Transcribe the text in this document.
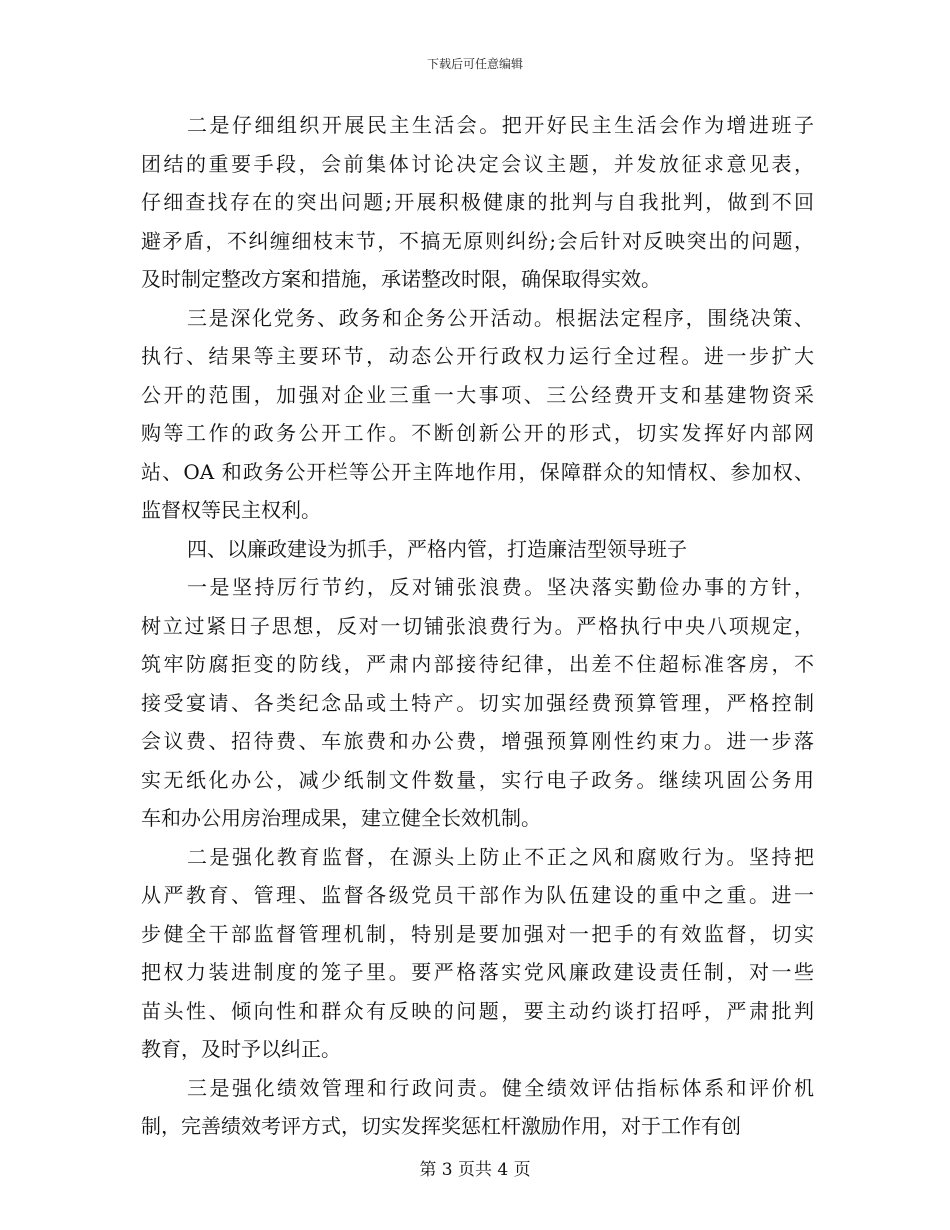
下载后可任意编辑
二是仔细组织开展民主生活会。把开好民主生活会作为增进班子
团结的重要手段，会前集体讨论决定会议主题，并发放征求意见表，
仔细查找存在的突出问题;开展积极健康的批判与自我批判，做到不回
避矛盾，不纠缠细枝末节，不搞无原则纠纷;会后针对反映突出的问题，
及时制定整改方案和措施，承诺整改时限，确保取得实效。
三是深化党务、政务和企务公开活动。根据法定程序，围绕决策、
执行、结果等主要环节，动态公开行政权力运行全过程。进一步扩大
公开的范围，加强对企业三重一大事项、三公经费开支和基建物资采
购等工作的政务公开工作。不断创新公开的形式，切实发挥好内部网
站、OA 和政务公开栏等公开主阵地作用，保障群众的知情权、参加权、
监督权等民主权利。
四、以廉政建设为抓手，严格内管，打造廉洁型领导班子
一是坚持厉行节约，反对铺张浪费。坚决落实勤俭办事的方针，
树立过紧日子思想，反对一切铺张浪费行为。严格执行中央八项规定，
筑牢防腐拒变的防线，严肃内部接待纪律，出差不住超标准客房，不
接受宴请、各类纪念品或土特产。切实加强经费预算管理，严格控制
会议费、招待费、车旅费和办公费，增强预算刚性约束力。进一步落
实无纸化办公，减少纸制文件数量，实行电子政务。继续巩固公务用
车和办公用房治理成果，建立健全长效机制。
二是强化教育监督，在源头上防止不正之风和腐败行为。坚持把
从严教育、管理、监督各级党员干部作为队伍建设的重中之重。进一
步健全干部监督管理机制，特别是要加强对一把手的有效监督，切实
把权力装进制度的笼子里。要严格落实党风廉政建设责任制，对一些
苗头性、倾向性和群众有反映的问题，要主动约谈打招呼，严肃批判
教育，及时予以纠正。
三是强化绩效管理和行政问责。健全绩效评估指标体系和评价机
制，完善绩效考评方式，切实发挥奖惩杠杆激励作用，对于工作有创
第 3 页共 4 页
